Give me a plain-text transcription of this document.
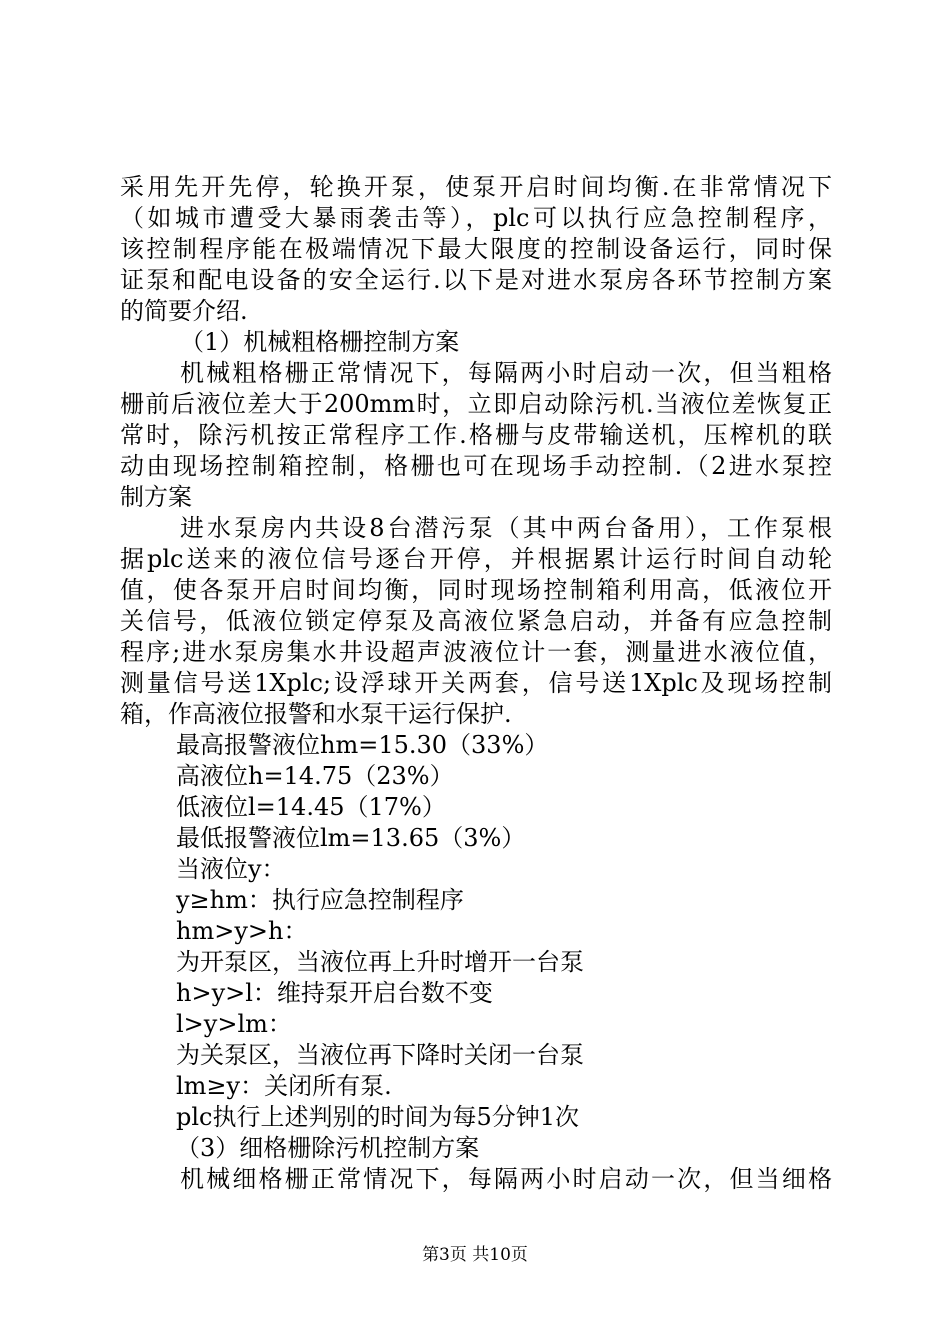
采用先开先停，轮换开泵，使泵开启时间均衡.在非常情况下
（如城市遭受大暴雨袭击等），plc可以执行应急控制程序，
该控制程序能在极端情况下最大限度的控制设备运行，同时保
证泵和配电设备的安全运行.以下是对进水泵房各环节控制方案
的简要介绍.
（1）机械粗格栅控制方案
机械粗格栅正常情况下，每隔两小时启动一次，但当粗格
栅前后液位差大于200mm时，立即启动除污机.当液位差恢复正
常时，除污机按正常程序工作.格栅与皮带输送机，压榨机的联
动由现场控制箱控制，格栅也可在现场手动控制.（2进水泵控
制方案
进水泵房内共设8台潜污泵（其中两台备用），工作泵根
据plc送来的液位信号逐台开停，并根据累计运行时间自动轮
值，使各泵开启时间均衡，同时现场控制箱利用高，低液位开
关信号，低液位锁定停泵及高液位紧急启动，并备有应急控制
程序;进水泵房集水井设超声波液位计一套，测量进水液位值，
测量信号送1Xplc;设浮球开关两套，信号送1Xplc及现场控制
箱，作高液位报警和水泵干运行保护.
最高报警液位hm=15.30（33%）
高液位h=14.75（23%）
低液位l=14.45（17%）
最低报警液位lm=13.65（3%）
当液位y：
y≥hm：执行应急控制程序
hm>y>h：
为开泵区，当液位再上升时增开一台泵
h>y>l：维持泵开启台数不变
l>y>lm：
为关泵区，当液位再下降时关闭一台泵
lm≥y：关闭所有泵.
plc执行上述判别的时间为每5分钟1次
（3）细格栅除污机控制方案
机械细格栅正常情况下，每隔两小时启动一次，但当细格
第3页 共10页
